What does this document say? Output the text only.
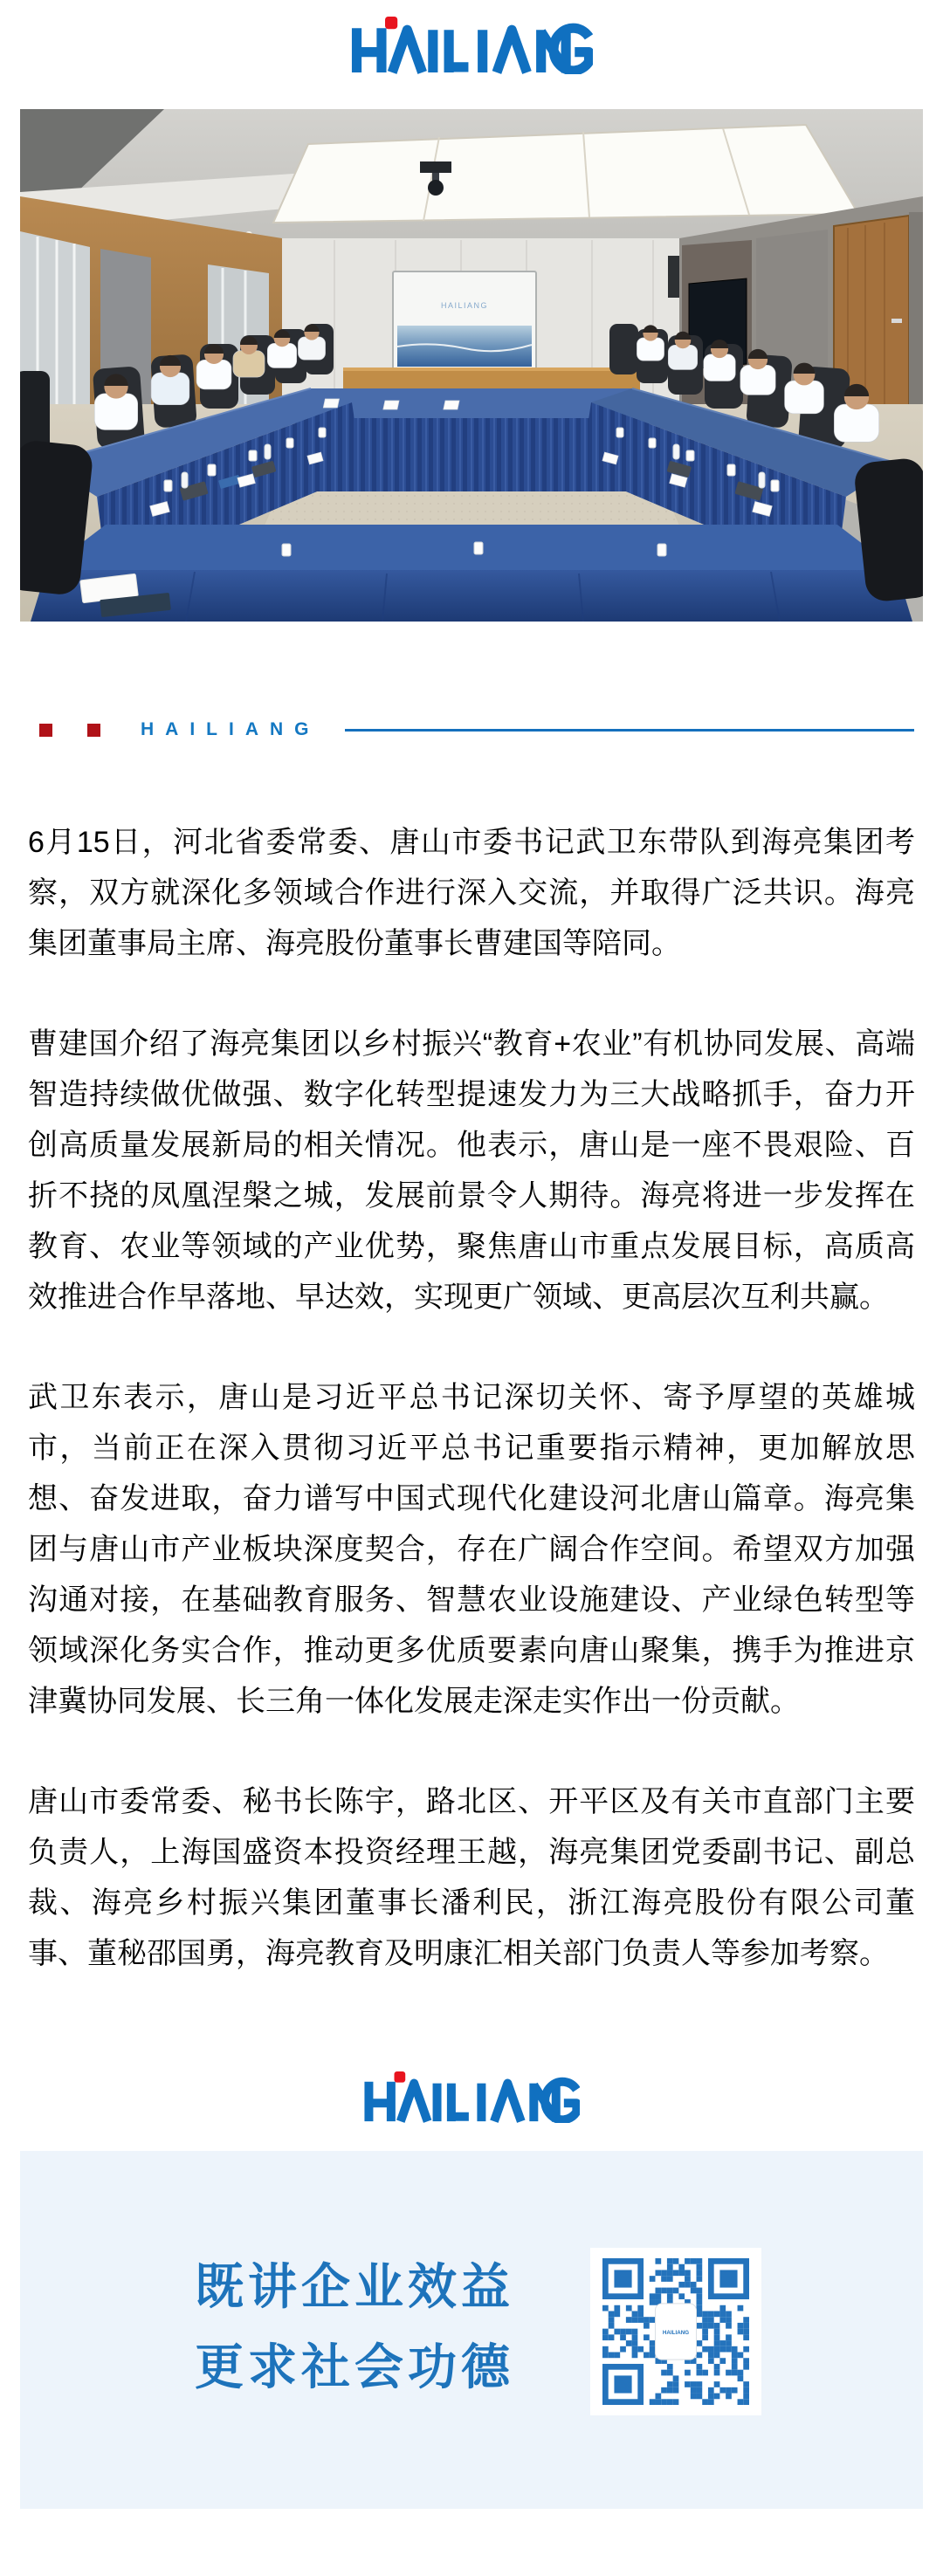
HAILIANG
HAILIANG

6月15日，河北省委常委、唐山市委书记武卫东带队到海亮集团考察，双方就深化多领域合作进行深入交流，并取得广泛共识。海亮集团董事局主席、海亮股份董事长曹建国等陪同。

曹建国介绍了海亮集团以乡村振兴“教育+农业”有机协同发展、高端智造持续做优做强、数字化转型提速发力为三大战略抓手，奋力开创高质量发展新局的相关情况。他表示，唐山是一座不畏艰险、百折不挠的凤凰涅槃之城，发展前景令人期待。海亮将进一步发挥在教育、农业等领域的产业优势，聚焦唐山市重点发展目标，高质高效推进合作早落地、早达效，实现更广领域、更高层次互利共赢。

武卫东表示，唐山是习近平总书记深切关怀、寄予厚望的英雄城市，当前正在深入贯彻习近平总书记重要指示精神，更加解放思想、奋发进取，奋力谱写中国式现代化建设河北唐山篇章。海亮集团与唐山市产业板块深度契合，存在广阔合作空间。希望双方加强沟通对接，在基础教育服务、智慧农业设施建设、产业绿色转型等领域深化务实合作，推动更多优质要素向唐山聚集，携手为推进京津冀协同发展、长三角一体化发展走深走实作出一份贡献。

唐山市委常委、秘书长陈宇，路北区、开平区及有关市直部门主要负责人，上海国盛资本投资经理王越，海亮集团党委副书记、副总裁、海亮乡村振兴集团董事长潘利民，浙江海亮股份有限公司董事、董秘邵国勇，海亮教育及明康汇相关部门负责人等参加考察。

既讲企业效益
更求社会功德
HAILIANG
